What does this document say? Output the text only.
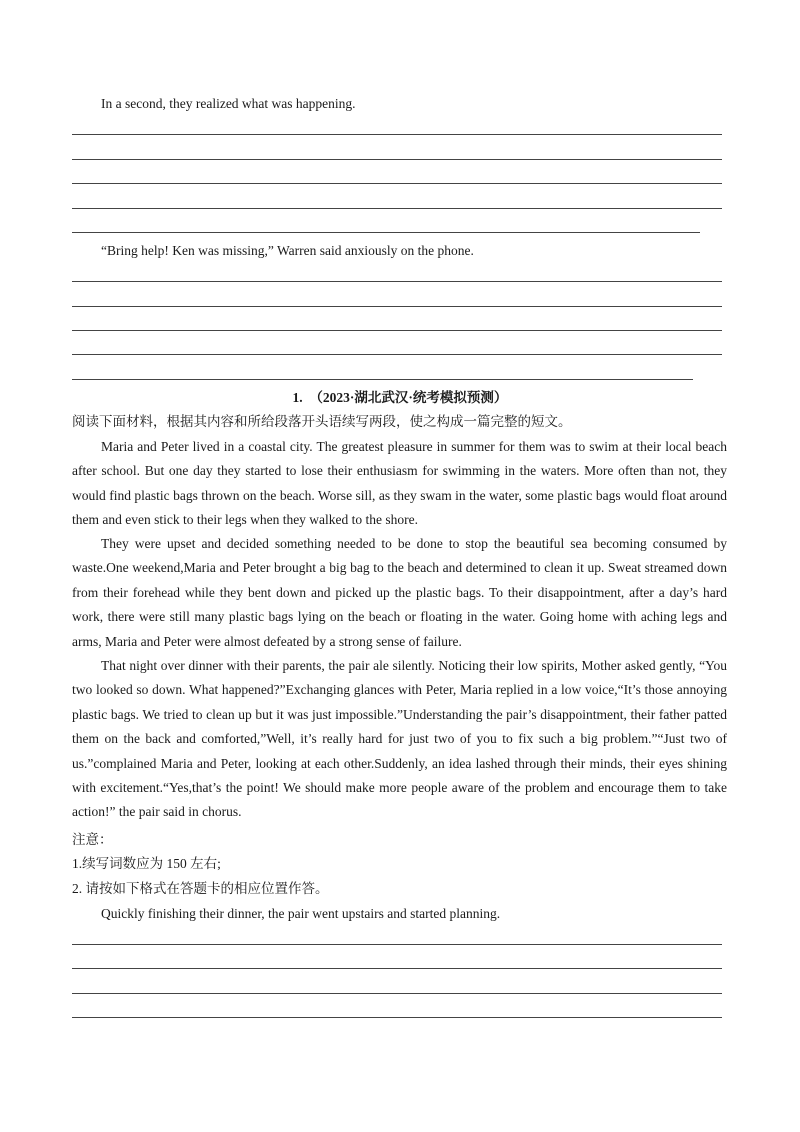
In a second, they realized what was happening.
“Bring help! Ken was missing,” Warren said anxiously on the phone.
1.　（2023·湖北武汉·统考模拟预测）
阅读下面材料，根据其内容和所给段落开头语续写两段，使之构成一篇完整的短文。
Maria and Peter lived in a coastal city. The greatest pleasure in summer for them was to swim at their local beach after school. But one day they started to lose their enthusiasm for swimming in the waters. More often than not, they would find plastic bags thrown on the beach. Worse sill, as they swam in the water, some plastic bags would float around them and even stick to their legs when they walked to the shore.
They were upset and decided something needed to be done to stop the beautiful sea becoming consumed by waste.One weekend,Maria and Peter brought a big bag to the beach and determined to clean it up. Sweat streamed down from their forehead while they bent down and picked up the plastic bags. To their disappointment, after a day’s hard work, there were still many plastic bags lying on the beach or floating in the water. Going home with aching legs and arms, Maria and Peter were almost defeated by a strong sense of failure.
That night over dinner with their parents, the pair ale silently. Noticing their low spirits, Mother asked gently, “You two looked so down. What happened?”Exchanging glances with Peter, Maria replied in a low voice,“It’s those annoying plastic bags. We tried to clean up but it was just impossible.”Understanding the pair’s disappointment, their father patted them on the back and comforted,”Well, it’s really hard for just two of you to fix such a big problem.”“Just two of us.”complained Maria and Peter, looking at each other.Suddenly, an idea lashed through their minds, their eyes shining with excitement.“Yes,that’s the point! We should make more people aware of the problem and encourage them to take action!” the pair said in chorus.
注意：
1.续写词数应为 150 左右;
2. 请按如下格式在答题卡的相应位置作答。
Quickly finishing their dinner, the pair went upstairs and started planning.
